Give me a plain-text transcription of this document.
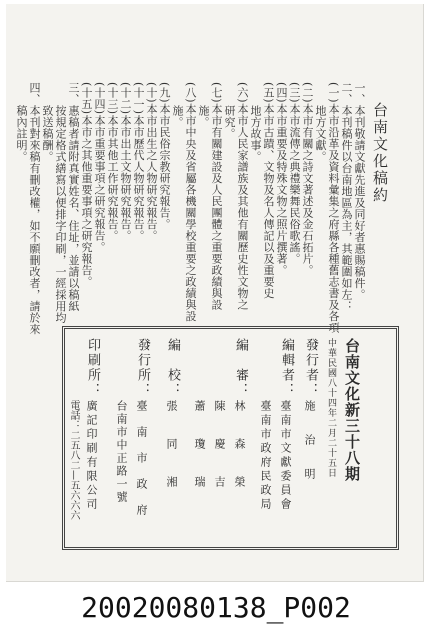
台南文化稿約
一、本刊敬請文獻先進及同好者惠賜稿件。
二、本刊稿件以台南地區為主，其範圍如左：
(一)本市沿革及資料彙集之府縣各種舊志書及各項
　　地方文獻。
(二)本市有關之詩文著述及金石拓片。
(三)本市流傳之典禮樂舞民俗歌謠。
(四)本市重要及特殊文物之照片撰著。
(五)本市古蹟、文物及名人傳記以及重要史
　　地方故事。
(六)本市人民家譜族及其他有關歷史性文物之
　　研究。
(七)本市有關建設及人民團體之重要政績與設
　　施。
(八)本市中央及省屬各機關學校重要之政績與設
　　施。
(九)本市民俗宗教研究報告。
(十)本市出生之人物研究報告。
(十一)本市歷代人物研究報告。
(十二)本市出土文物研究報告。
(十三)本市其他工作研究報告。
(十四)本市重要事項之研究報告。
(十五)本市之其他重要事項之研究報告。
三、惠稿者請附真實姓名、住址，並請以稿紙
　　按規定格式繕寫以便排字印刷，一經採用均
　　致送稿酬。
四、本刊對來稿有刪改權，如不願刪改者，請於來
　　稿內註明。
台南文化新三十八期
中華民國八十四年二月二十五日
發行者：
施　治　明
編輯者：
臺南市文獻委員會
臺南市政府民政局
編　審：
林　森　榮
陳　慶　吉
蕭　瓊　瑞
編　校：
張　同　湘
發行所：
臺　南　市　政　府
台南市中正路一號
印刷所：
廣記印刷有限公司
電話：二五八二—五六六六
20020080138_P002
